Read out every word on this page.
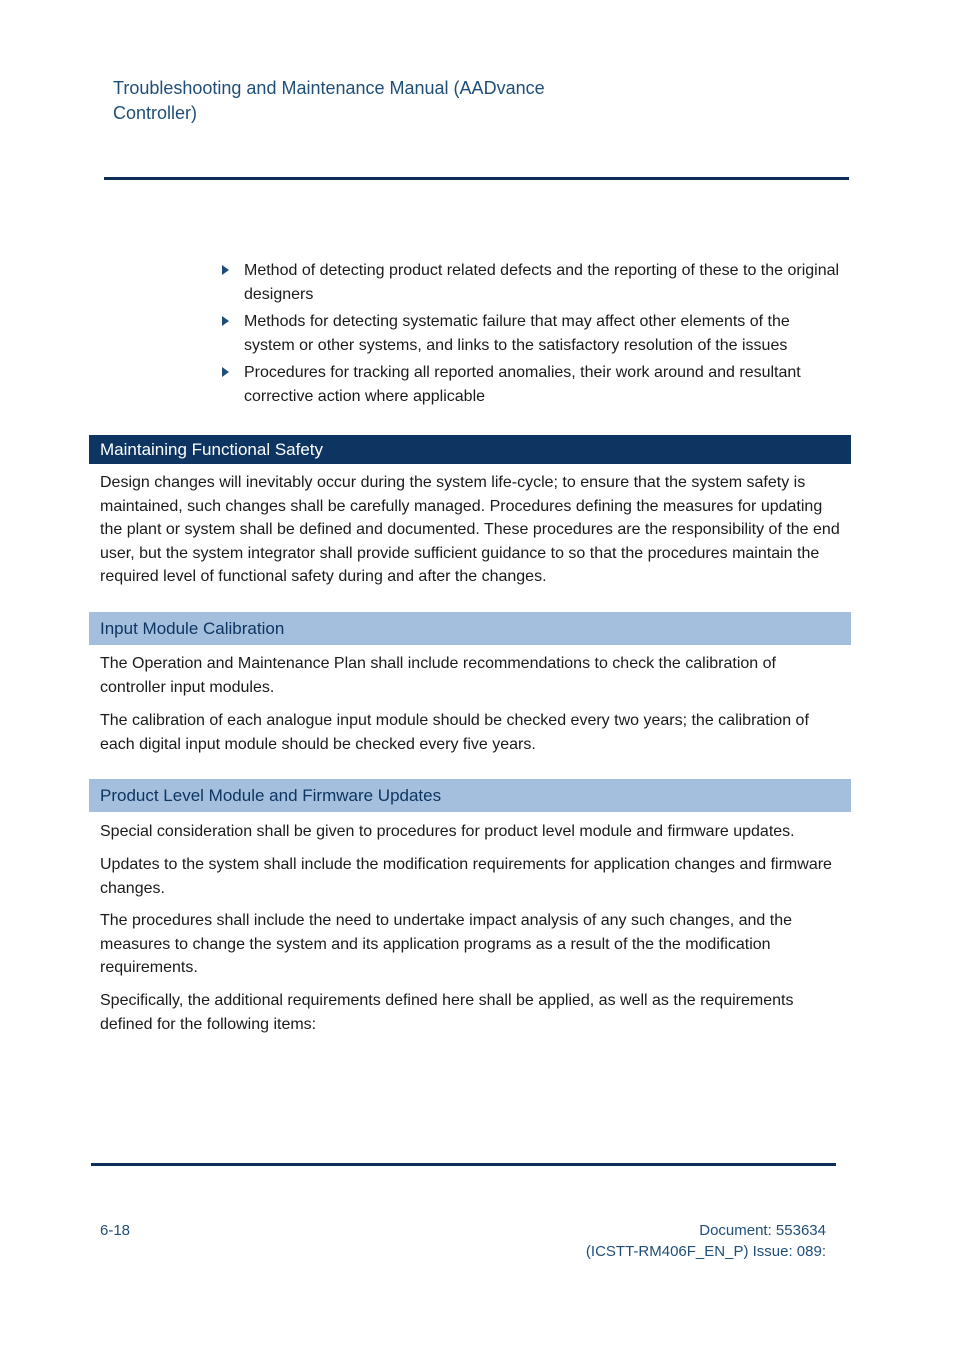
Troubleshooting and Maintenance Manual (AADvance Controller)
Method of detecting product related defects and the reporting of these to the original designers
Methods for detecting systematic failure that may affect other elements of the system or other systems, and links to the satisfactory resolution of the issues
Procedures for tracking all reported anomalies, their work around and resultant corrective action where applicable
Maintaining Functional Safety

Design changes will inevitably occur during the system life-cycle; to ensure that the system safety is maintained, such changes shall be carefully managed. Procedures defining the measures for updating the plant or system shall be defined and documented. These procedures are the responsibility of the end user, but the system integrator shall provide sufficient guidance to so that the procedures maintain the required level of functional safety during and after the changes.

Input Module Calibration

The Operation and Maintenance Plan shall include recommendations to check the calibration of controller input modules.

The calibration of each analogue input module should be checked every two years; the calibration of each digital input module should be checked every five years.

Product Level Module and Firmware Updates

Special consideration shall be given to procedures for product level module and firmware updates.

Updates to the system shall include the modification requirements for application changes and firmware changes.

The procedures shall include the need to undertake impact analysis of any such changes, and the measures to change the system and its application programs as a result of the the modification requirements.

Specifically, the additional requirements defined here shall be applied, as well as the requirements defined for the following items:

6-18	Document: 553634
(ICSTT-RM406F_EN_P) Issue: 089:
